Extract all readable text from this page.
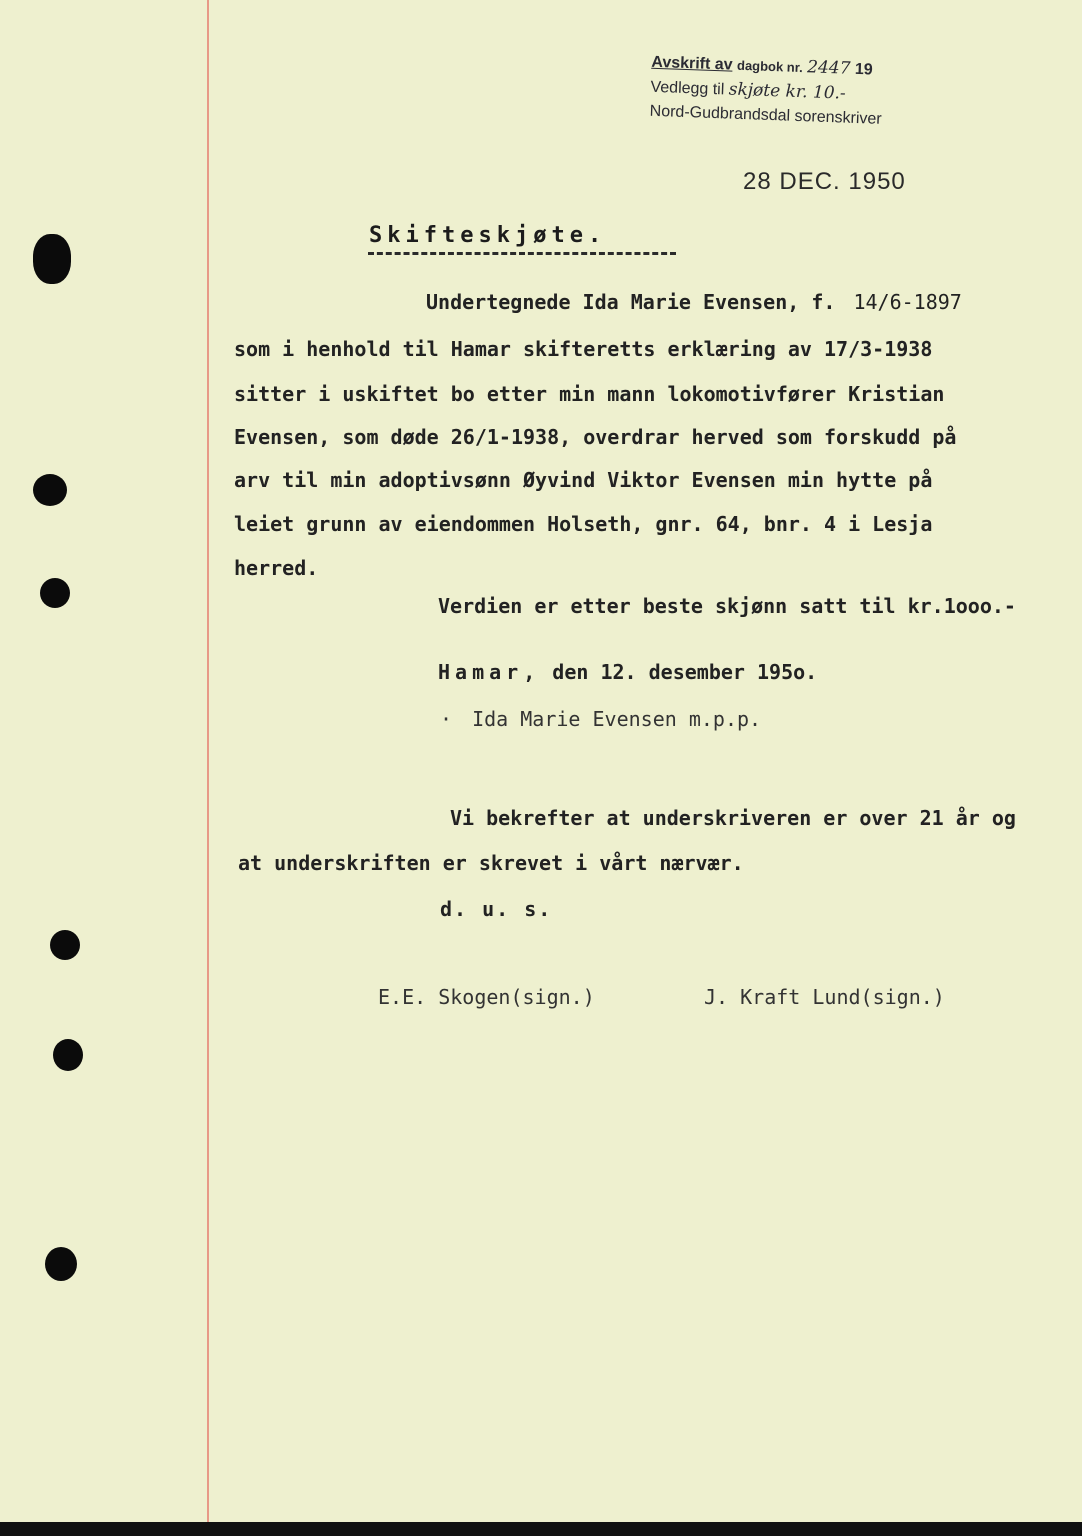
Avskrift av dagbok nr. 2447 19
Vedlegg til skjøte kr. 10.-
Nord-Gudbrandsdal sorenskriver
28 DEC. 1950
Skifteskjøte.
Undertegnede Ida Marie Evensen, f. 14/6-1897
som i henhold til Hamar skifteretts erklæring av 17/3-1938
sitter i uskiftet bo etter min mann lokomotivfører Kristian
Evensen, som døde 26/1-1938, overdrar herved som forskudd på
arv til min adoptivsønn Øyvind Viktor Evensen min hytte på
leiet grunn av eiendommen Holseth, gnr. 64, bnr. 4 i Lesja
herred.
Verdien er etter beste skjønn satt til kr.1ooo.-
Hamar, den 12. desember 195o.
· Ida Marie Evensen m.p.p.
Vi bekrefter at underskriveren er over 21 år og
at underskriften er skrevet i vårt nærvær.
d. u. s.
E.E. Skogen(sign.)	J. Kraft Lund(sign.)
